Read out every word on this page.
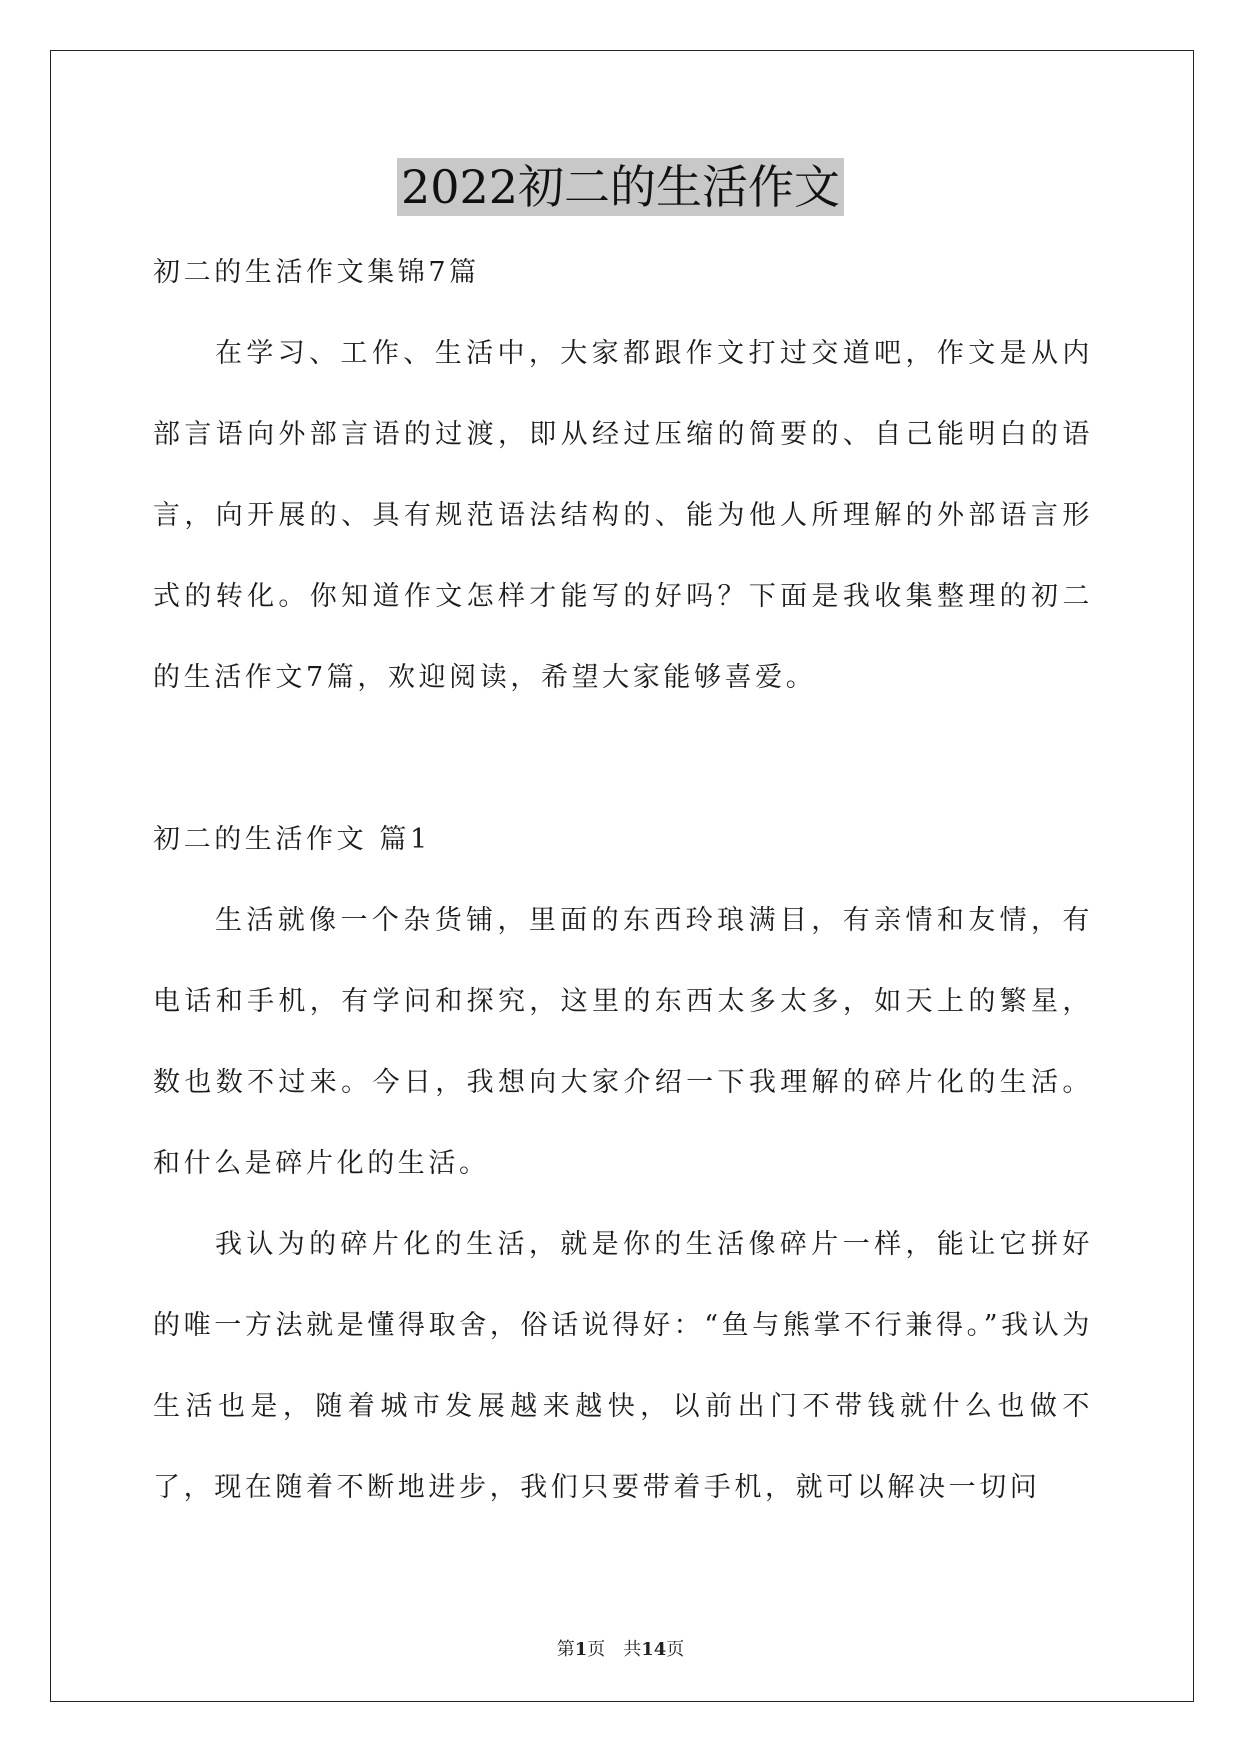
2022初二的生活作文

初二的生活作文集锦7篇

在学习、工作、生活中，大家都跟作文打过交道吧，作文是从内部言语向外部言语的过渡，即从经过压缩的简要的、自己能明白的语言，向开展的、具有规范语法结构的、能为他人所理解的外部语言形式的转化。你知道作文怎样才能写的好吗？下面是我收集整理的初二的生活作文7篇，欢迎阅读，希望大家能够喜爱。

初二的生活作文 篇1

生活就像一个杂货铺，里面的东西玲琅满目，有亲情和友情，有电话和手机，有学问和探究，这里的东西太多太多，如天上的繁星，数也数不过来。今日，我想向大家介绍一下我理解的碎片化的生活。和什么是碎片化的生活。

我认为的碎片化的生活，就是你的生活像碎片一样，能让它拼好的唯一方法就是懂得取舍，俗话说得好：“鱼与熊掌不行兼得。”我认为生活也是，随着城市发展越来越快，以前出门不带钱就什么也做不了，现在随着不断地进步，我们只要带着手机，就可以解决一切问

第1页 共14页
